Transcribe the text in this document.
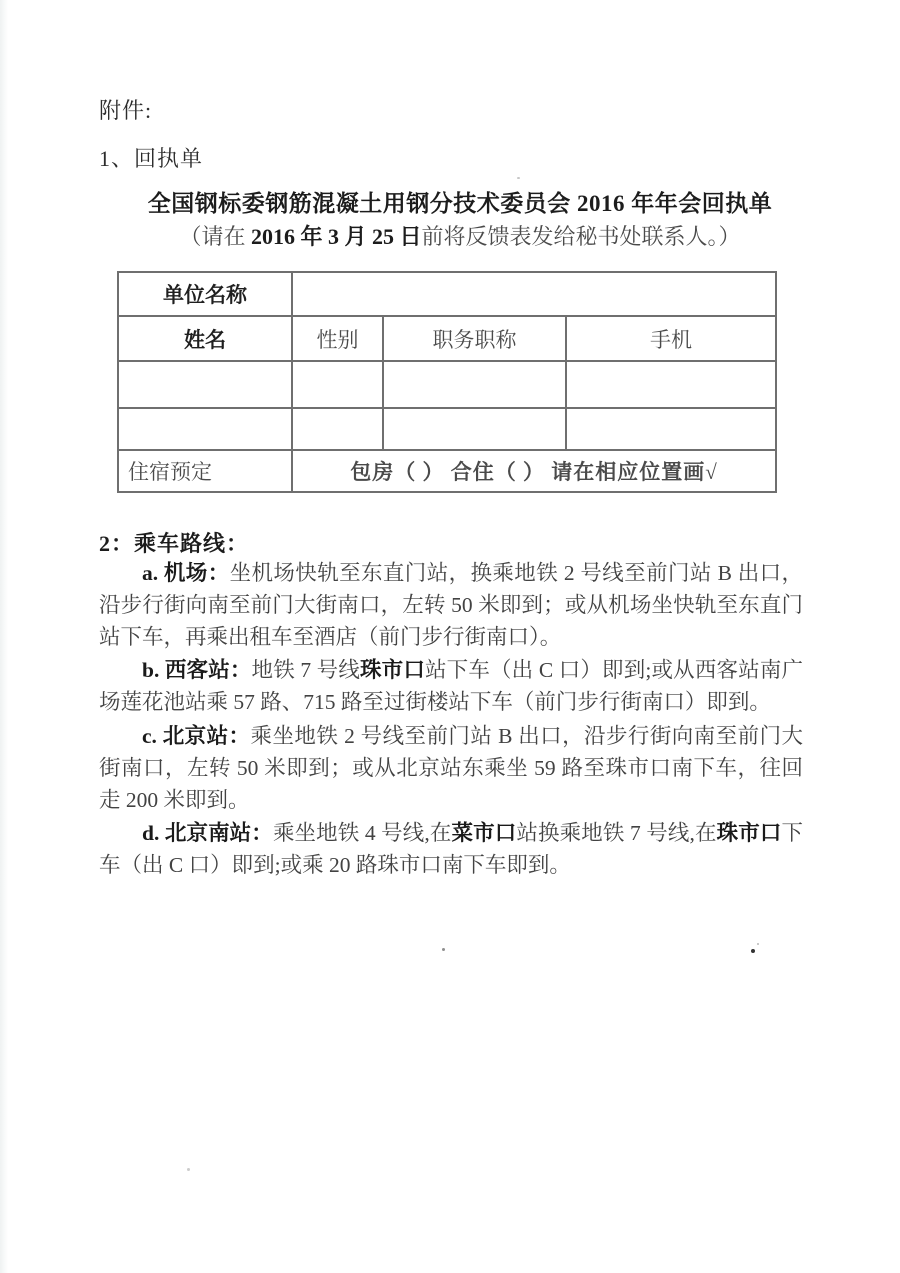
附件:
1、回执单
全国钢标委钢筋混凝土用钢分技术委员会 2016 年年会回执单
（请在 2016 年 3 月 25 日前将反馈表发给秘书处联系人。）
单位名称			
姓名	性别	职务职称	手机

住宿预定	包房（ ） 合住（ ） 请在相应位置画√		
2：乘车路线：

a. 机场：坐机场快轨至东直门站，换乘地铁 2 号线至前门站 B 出口，沿步行街向南至前门大街南口，左转 50 米即到；或从机场坐快轨至东直门站下车，再乘出租车至酒店（前门步行街南口）。

b. 西客站：地铁 7 号线珠市口站下车（出 C 口）即到;或从西客站南广场莲花池站乘 57 路、715 路至过街楼站下车（前门步行街南口）即到。

c. 北京站：乘坐地铁 2 号线至前门站 B 出口，沿步行街向南至前门大街南口，左转 50 米即到；或从北京站东乘坐 59 路至珠市口南下车，往回走 200 米即到。

d. 北京南站：乘坐地铁 4 号线,在菜市口站换乘地铁 7 号线,在珠市口下车（出 C 口）即到;或乘 20 路珠市口南下车即到。
